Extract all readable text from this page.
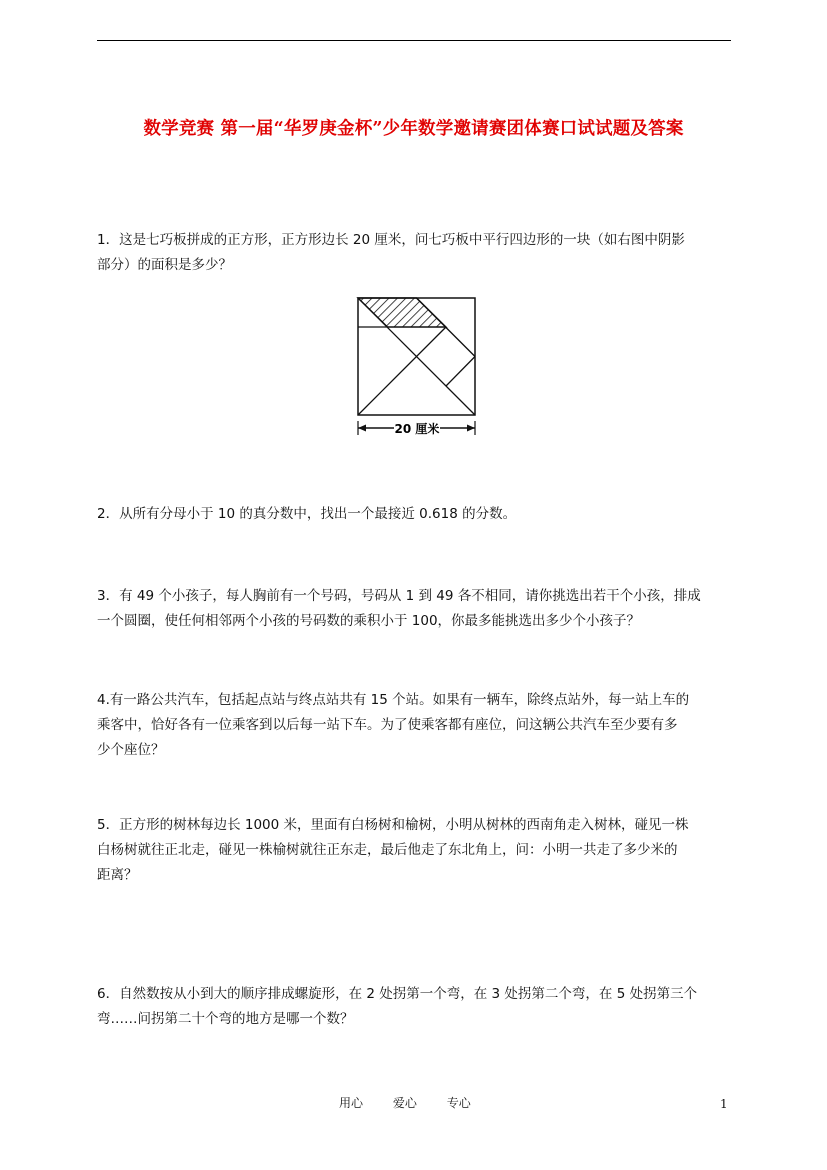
数学竞赛 第一届“华罗庚金杯”少年数学邀请赛团体赛口试试题及答案

1．这是七巧板拼成的正方形，正方形边长 20 厘米，问七巧板中平行四边形的一块（如右图中阴影

部分）的面积是多少？

20 厘米

2．从所有分母小于 10 的真分数中，找出一个最接近 0.618 的分数。

3．有 49 个小孩子，每人胸前有一个号码，号码从 1 到 49 各不相同，请你挑选出若干个小孩，排成

一个圆圈，使任何相邻两个小孩的号码数的乘积小于 100，你最多能挑选出多少个小孩子？

4.有一路公共汽车，包括起点站与终点站共有 15 个站。如果有一辆车，除终点站外，每一站上车的

乘客中，恰好各有一位乘客到以后每一站下车。为了使乘客都有座位，问这辆公共汽车至少要有多

少个座位？

5．正方形的树林每边长 1000 米，里面有白杨树和榆树，小明从树林的西南角走入树林，碰见一株

白杨树就往正北走，碰见一株榆树就往正东走，最后他走了东北角上，问：小明一共走了多少米的

距离？

6．自然数按从小到大的顺序排成螺旋形，在 2 处拐第一个弯，在 3 处拐第二个弯，在 5 处拐第三个

弯……问拐第二十个弯的地方是哪一个数？

用心 爱心 专心	1
